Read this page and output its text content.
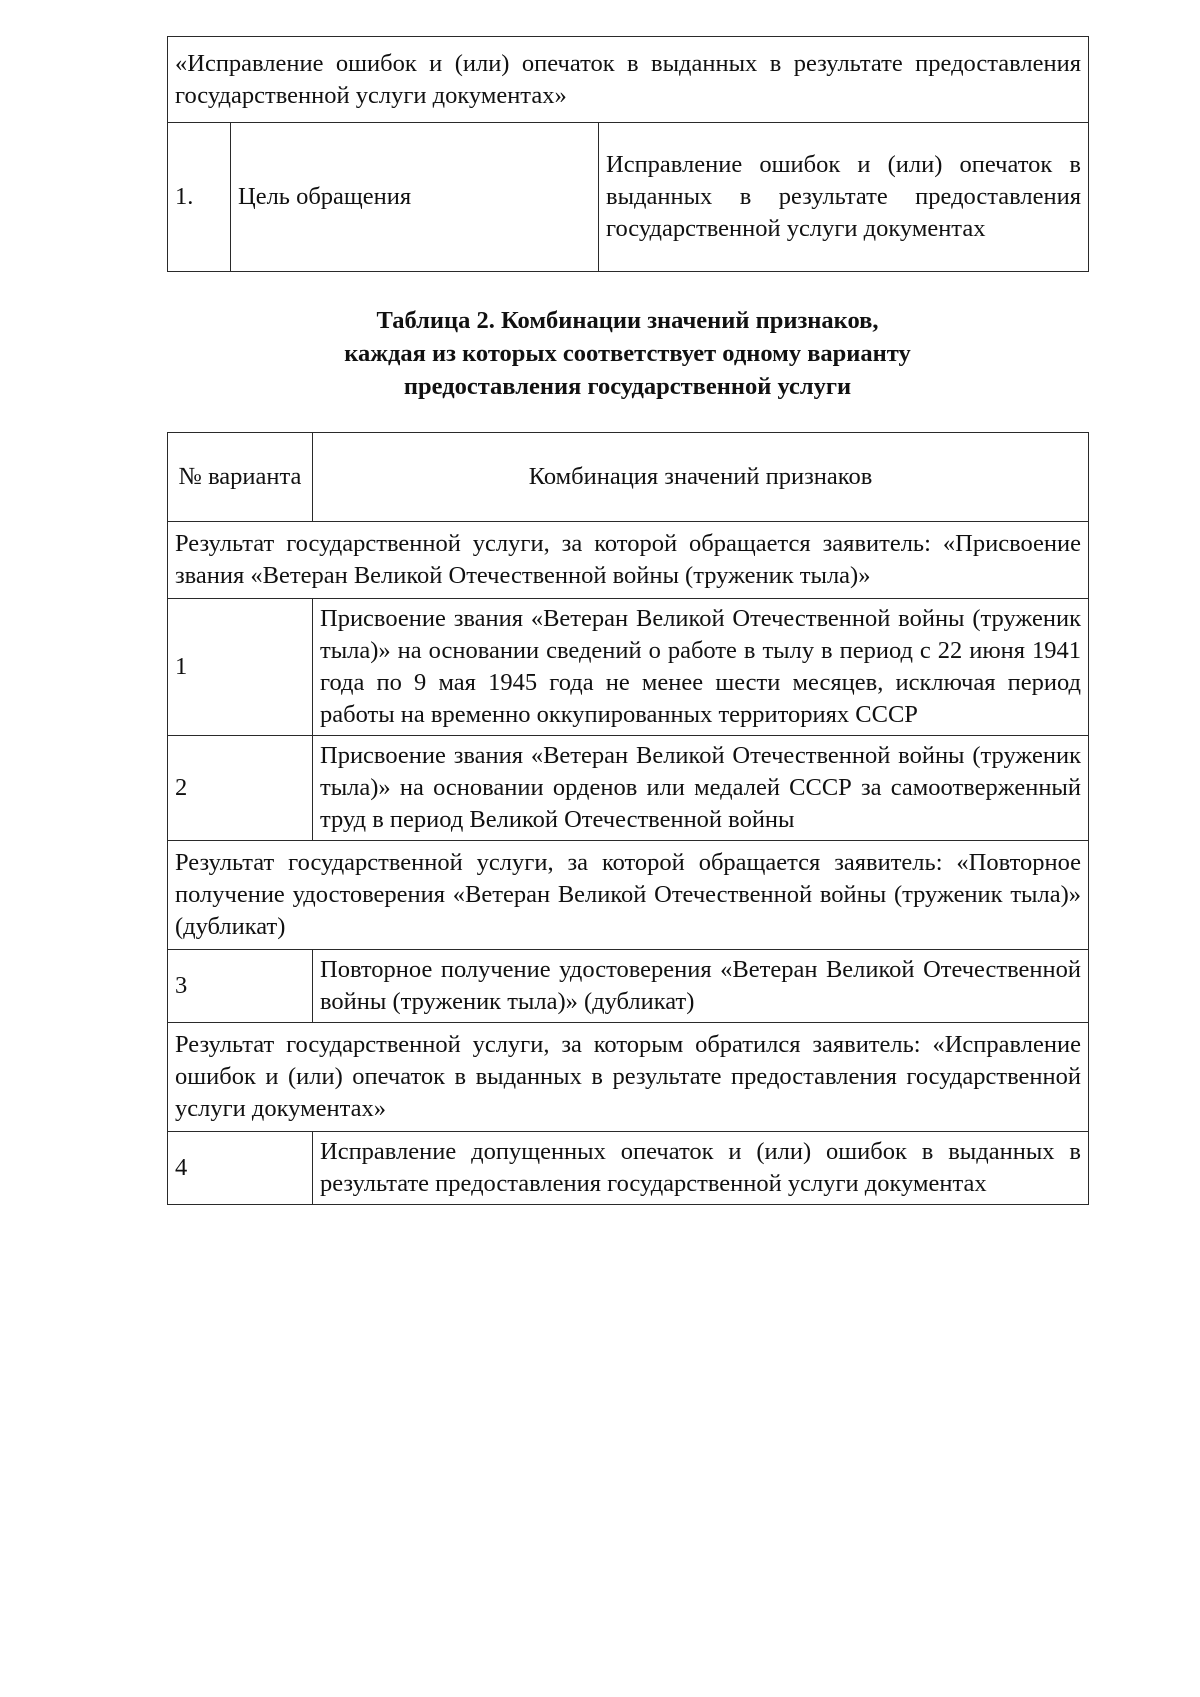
«Исправление ошибок и (или) опечаток в выданных в результате предоставления государственной услуги документах»
1.	Цель обращения	Исправление ошибок и (или) опечаток в выданных в результате предоставления государственной услуги документах
Таблица 2. Комбинации значений признаков,
каждая из которых соответствует одному варианту
предоставления государственной услуги
№ варианта	Комбинация значений признаков
Результат государственной услуги, за которой обращается заявитель: «Присвоение звания «Ветеран Великой Отечественной войны (труженик тыла)»	
1	Присвоение звания «Ветеран Великой Отечественной войны (труженик тыла)» на основании сведений о работе в тылу в период с 22 июня 1941 года по 9 мая 1945 года не менее шести месяцев, исключая период работы на временно оккупированных территориях СССР
2	Присвоение звания «Ветеран Великой Отечественной войны (труженик тыла)» на основании орденов или медалей СССР за самоотверженный труд в период Великой Отечественной войны
Результат государственной услуги, за которой обращается заявитель: «Повторное получение удостоверения «Ветеран Великой Отечественной войны (труженик тыла)» (дубликат)	
3	Повторное получение удостоверения «Ветеран Великой Отечественной войны (труженик тыла)» (дубликат)
Результат государственной услуги, за которым обратился заявитель: «Исправление ошибок и (или) опечаток в выданных в результате предоставления государственной услуги документах»	
4	Исправление допущенных опечаток и (или) ошибок в выданных в результате предоставления государственной услуги документах
